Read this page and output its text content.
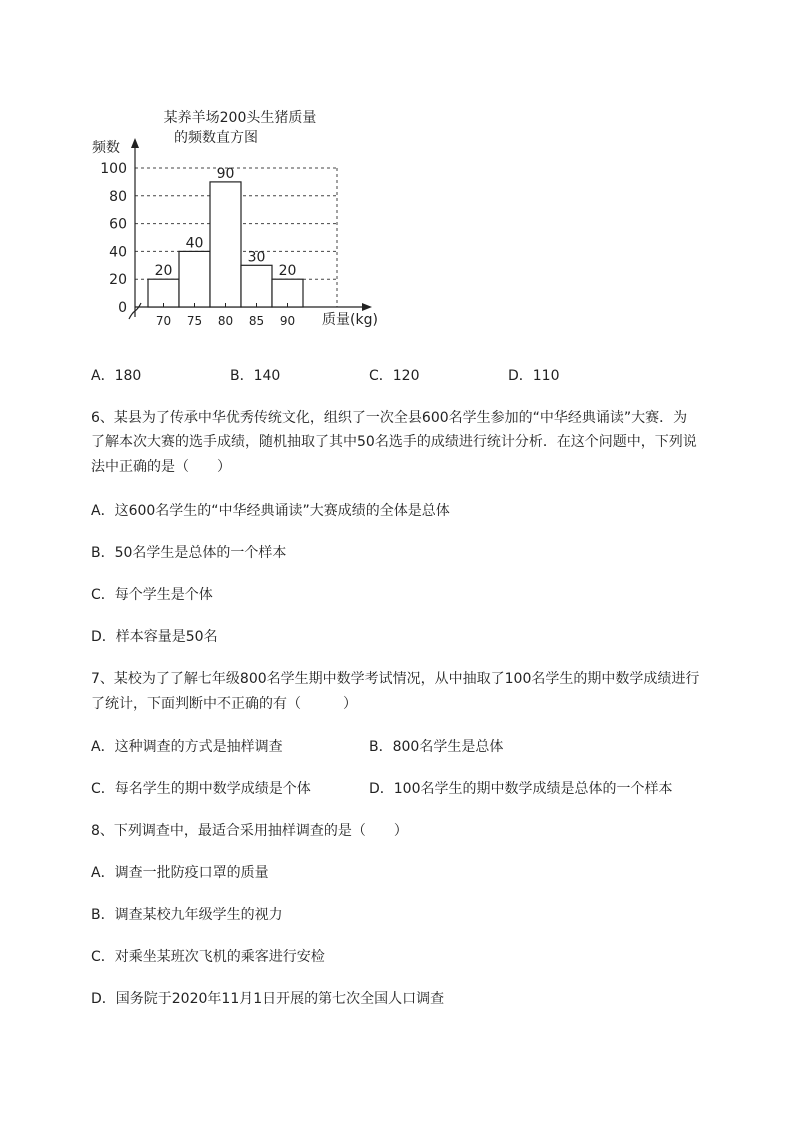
某养羊场200头生猪质量
的频数直方图
频数
质量(kg)
0
20
40
60
80
100
20
40
90
30
20
70 75 80 85 90
A．180	B．140	C．120	D．110
6、某县为了传承中华优秀传统文化，组织了一次全县600名学生参加的“中华经典诵读”大赛．为
了解本次大赛的选手成绩，随机抽取了其中50名选手的成绩进行统计分析．在这个问题中，下列说
法中正确的是（　　）
A．这600名学生的“中华经典诵读”大赛成绩的全体是总体
B．50名学生是总体的一个样本
C．每个学生是个体
D．样本容量是50名
7、某校为了了解七年级800名学生期中数学考试情况，从中抽取了100名学生的期中数学成绩进行
了统计，下面判断中不正确的有（　　　）
A．这种调查的方式是抽样调查	B．800名学生是总体
C．每名学生的期中数学成绩是个体	D．100名学生的期中数学成绩是总体的一个样本
8、下列调查中，最适合采用抽样调查的是（　　）
A．调查一批防疫口罩的质量
B．调查某校九年级学生的视力
C．对乘坐某班次飞机的乘客进行安检
D．国务院于2020年11月1日开展的第七次全国人口调查
